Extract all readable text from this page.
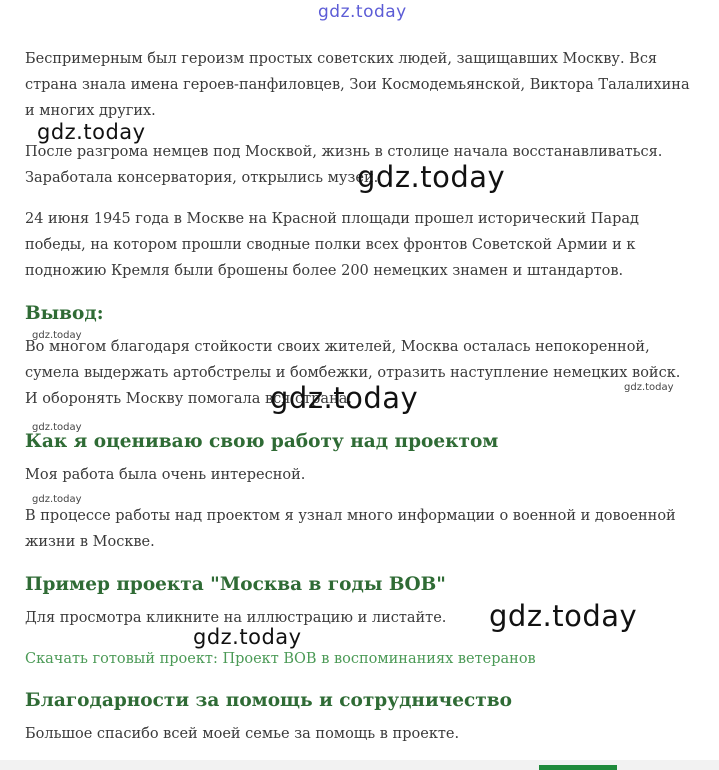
gdz.today

Беспримерным был героизм простых советских людей, защищавших Москву. Вся страна знала имена героев-панфиловцев, Зои Космодемьянской, Виктора Талалихина и многих других.

gdz.today

После разгрома немцев под Москвой, жизнь в столице начала восстанавливаться. Заработала консерватория, открылись музеи.

gdz.today

24 июня 1945 года в Москве на Красной площади прошел исторический Парад победы, на котором прошли сводные полки всех фронтов Советской Армии и к подножию Кремля были брошены более 200 немецких знамен и штандартов.

Вывод:
gdz.today

Во многом благодаря стойкости своих жителей, Москва осталась непокоренной, сумела выдержать артобстрелы и бомбежки, отразить наступление немецких войск. И оборонять Москву помогала вся страна.

gdz.today
gdz.today
gdz.today
Как я оцениваю свою работу над проектом

Моя работа была очень интересной.

gdz.today

В процессе работы над проектом я узнал много информации о военной и довоенной жизни в Москве.

Пример проекта "Москва в годы ВОВ"

Для просмотра кликните на иллюстрацию и листайте.	gdz.today
gdz.today
Скачать готовый проект: Проект ВОВ в воспоминаниях ветеранов
Благодарности за помощь и сотрудничество

Большое спасибо всей моей семье за помощь в проекте.
